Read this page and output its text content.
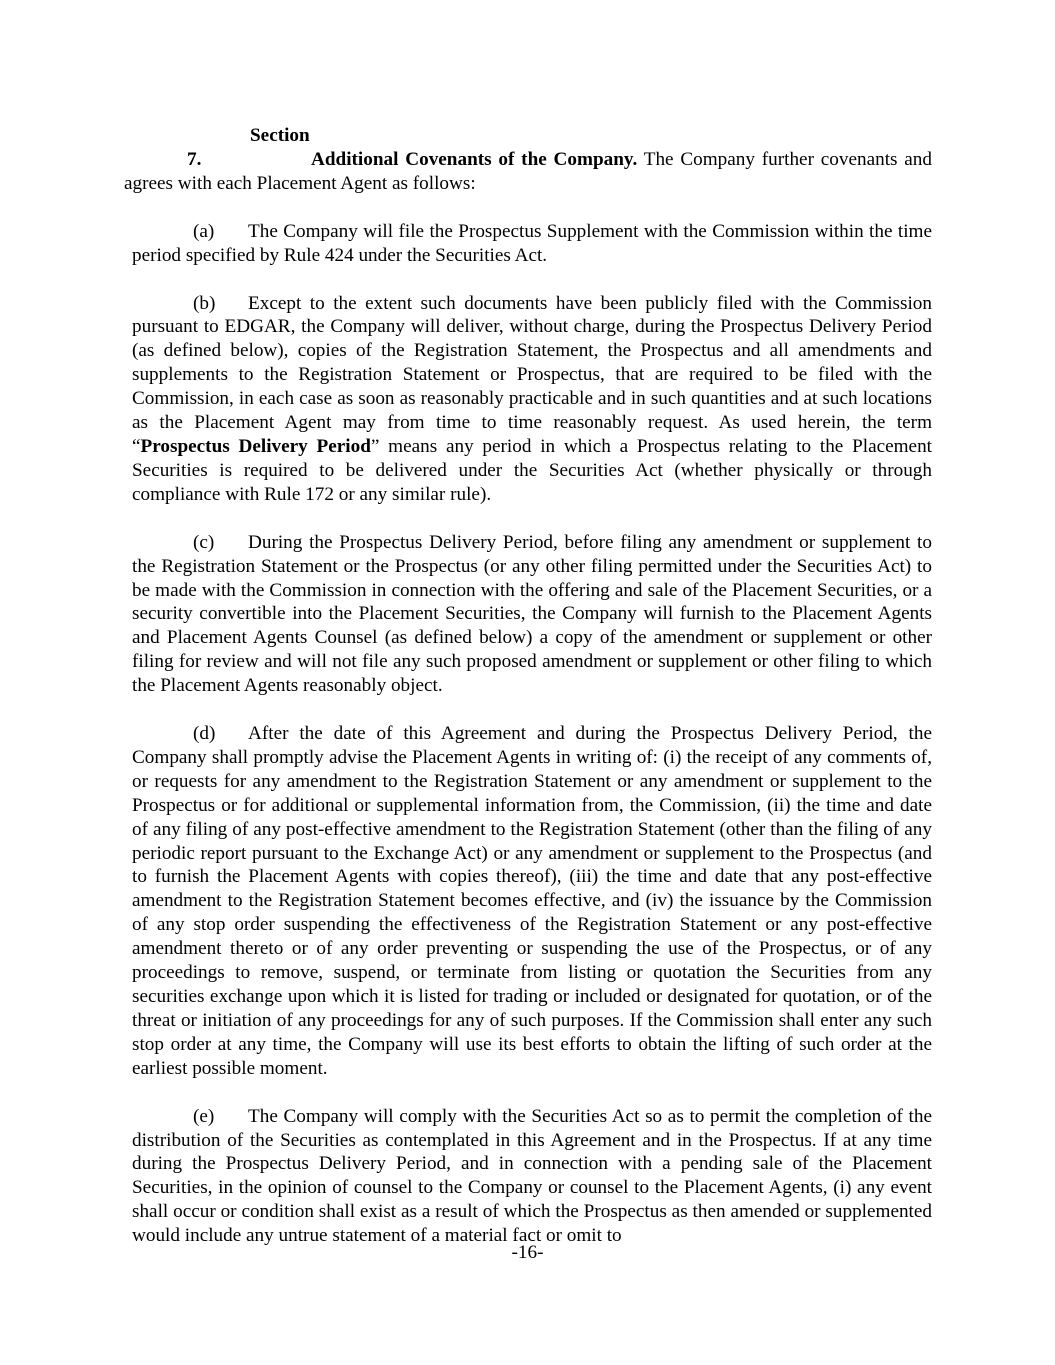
Section 7.	Additional Covenants of the Company. The Company further covenants and agrees with each Placement Agent as follows:

(a) The Company will file the Prospectus Supplement with the Commission within the time period specified by Rule 424 under the Securities Act.

(b) Except to the extent such documents have been publicly filed with the Commission pursuant to EDGAR, the Company will deliver, without charge, during the Prospectus Delivery Period (as defined below), copies of the Registration Statement, the Prospectus and all amendments and supplements to the Registration Statement or Prospectus, that are required to be filed with the Commission, in each case as soon as reasonably practicable and in such quantities and at such locations as the Placement Agent may from time to time reasonably request. As used herein, the term “Prospectus Delivery Period” means any period in which a Prospectus relating to the Placement Securities is required to be delivered under the Securities Act (whether physically or through compliance with Rule 172 or any similar rule).

(c) During the Prospectus Delivery Period, before filing any amendment or supplement to the Registration Statement or the Prospectus (or any other filing permitted under the Securities Act) to be made with the Commission in connection with the offering and sale of the Placement Securities, or a security convertible into the Placement Securities, the Company will furnish to the Placement Agents and Placement Agents Counsel (as defined below) a copy of the amendment or supplement or other filing for review and will not file any such proposed amendment or supplement or other filing to which the Placement Agents reasonably object.

(d) After the date of this Agreement and during the Prospectus Delivery Period, the Company shall promptly advise the Placement Agents in writing of: (i) the receipt of any comments of, or requests for any amendment to the Registration Statement or any amendment or supplement to the Prospectus or for additional or supplemental information from, the Commission, (ii) the time and date of any filing of any post-effective amendment to the Registration Statement (other than the filing of any periodic report pursuant to the Exchange Act) or any amendment or supplement to the Prospectus (and to furnish the Placement Agents with copies thereof), (iii) the time and date that any post-effective amendment to the Registration Statement becomes effective, and (iv) the issuance by the Commission of any stop order suspending the effectiveness of the Registration Statement or any post-effective amendment thereto or of any order preventing or suspending the use of the Prospectus, or of any proceedings to remove, suspend, or terminate from listing or quotation the Securities from any securities exchange upon which it is listed for trading or included or designated for quotation, or of the threat or initiation of any proceedings for any of such purposes. If the Commission shall enter any such stop order at any time, the Company will use its best efforts to obtain the lifting of such order at the earliest possible moment.

(e) The Company will comply with the Securities Act so as to permit the completion of the distribution of the Securities as contemplated in this Agreement and in the Prospectus. If at any time during the Prospectus Delivery Period, and in connection with a pending sale of the Placement Securities, in the opinion of counsel to the Company or counsel to the Placement Agents, (i) any event shall occur or condition shall exist as a result of which the Prospectus as then amended or supplemented would include any untrue statement of a material fact or omit to

-16-
